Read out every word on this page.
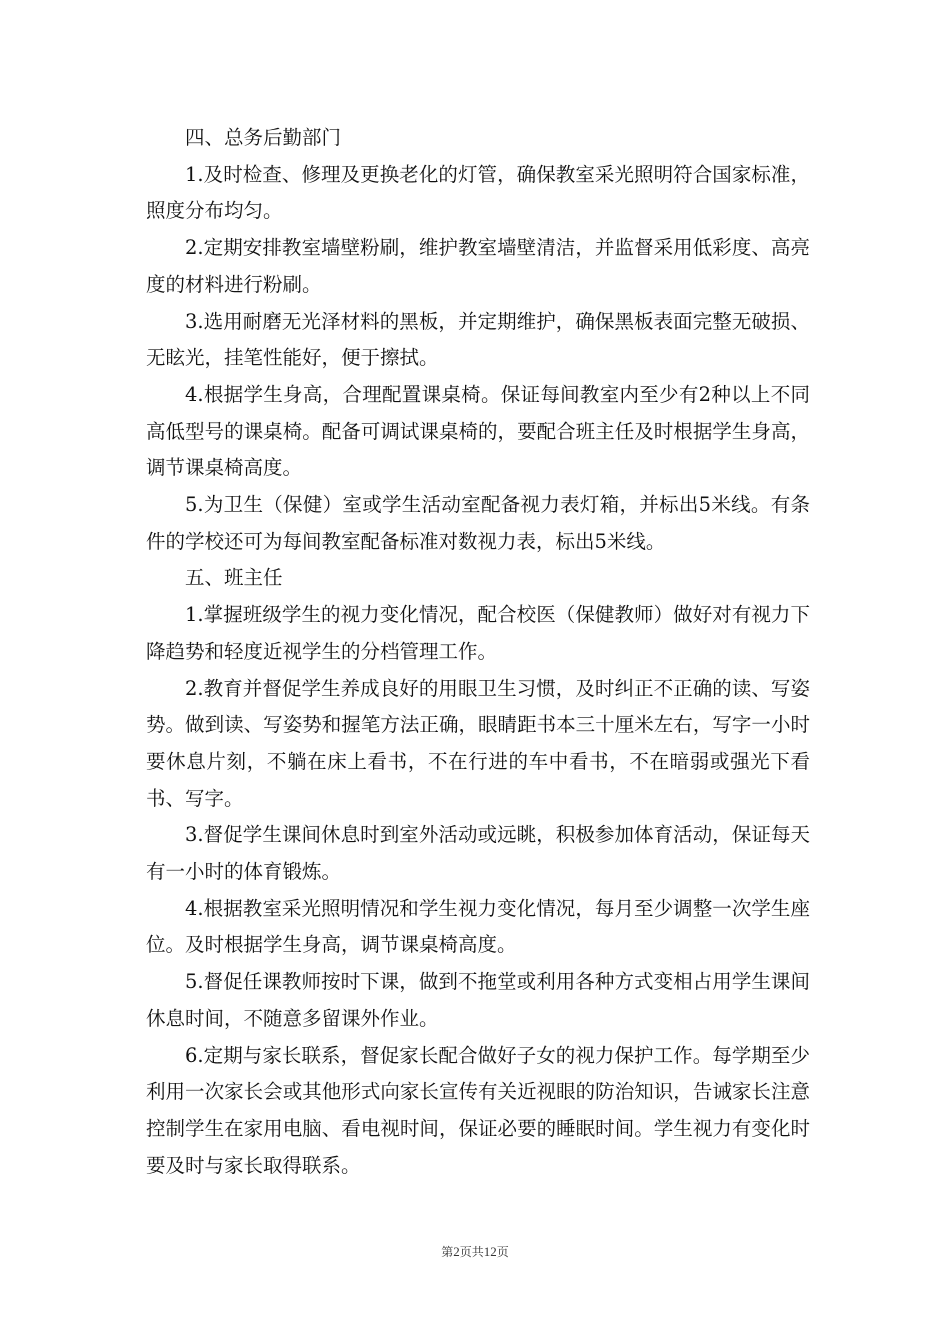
四、总务后勤部门

1.及时检查、修理及更换老化的灯管，确保教室采光照明符合国家标准，照度分布均匀。

2.定期安排教室墙壁粉刷，维护教室墙壁清洁，并监督采用低彩度、高亮度的材料进行粉刷。

3.选用耐磨无光泽材料的黑板，并定期维护，确保黑板表面完整无破损、无眩光，挂笔性能好，便于擦拭。

4.根据学生身高，合理配置课桌椅。保证每间教室内至少有2种以上不同高低型号的课桌椅。配备可调试课桌椅的，要配合班主任及时根据学生身高，调节课桌椅高度。

5.为卫生（保健）室或学生活动室配备视力表灯箱，并标出5米线。有条件的学校还可为每间教室配备标准对数视力表，标出5米线。

五、班主任

1.掌握班级学生的视力变化情况，配合校医（保健教师）做好对有视力下降趋势和轻度近视学生的分档管理工作。

2.教育并督促学生养成良好的用眼卫生习惯，及时纠正不正确的读、写姿势。做到读、写姿势和握笔方法正确，眼睛距书本三十厘米左右，写字一小时要休息片刻，不躺在床上看书，不在行进的车中看书，不在暗弱或强光下看书、写字。

3.督促学生课间休息时到室外活动或远眺，积极参加体育活动，保证每天有一小时的体育锻炼。

4.根据教室采光照明情况和学生视力变化情况，每月至少调整一次学生座位。及时根据学生身高，调节课桌椅高度。

5.督促任课教师按时下课，做到不拖堂或利用各种方式变相占用学生课间休息时间，不随意多留课外作业。

6.定期与家长联系，督促家长配合做好子女的视力保护工作。每学期至少利用一次家长会或其他形式向家长宣传有关近视眼的防治知识，告诫家长注意控制学生在家用电脑、看电视时间，保证必要的睡眠时间。学生视力有变化时要及时与家长取得联系。

第2页共12页
